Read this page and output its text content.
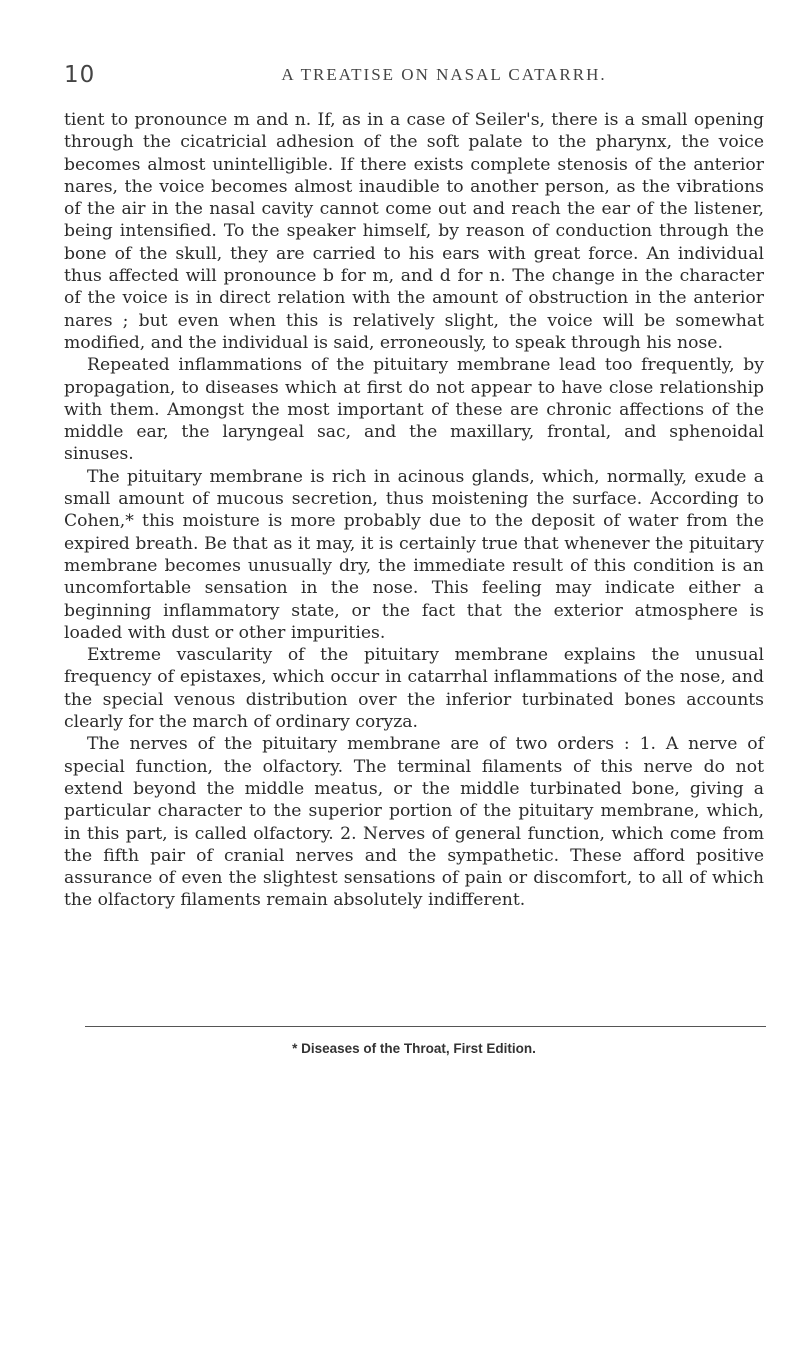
10	A TREATISE ON NASAL CATARRH.

tient to pronounce m and n. If, as in a case of Seiler's, there is a small opening through the cicatricial adhesion of the soft palate to the pharynx, the voice becomes almost unintelligible. If there exists complete stenosis of the anterior nares, the voice becomes almost inaudible to another person, as the vibrations of the air in the nasal cavity cannot come out and reach the ear of the listener, being intensified. To the speaker himself, by reason of conduction through the bone of the skull, they are carried to his ears with great force. An individual thus affected will pronounce b for m, and d for n. The change in the character of the voice is in direct relation with the amount of obstruction in the anterior nares ; but even when this is relatively slight, the voice will be somewhat modified, and the individual is said, erroneously, to speak through his nose.

Repeated inflammations of the pituitary membrane lead too frequently, by propagation, to diseases which at first do not appear to have close relationship with them. Amongst the most important of these are chronic affections of the middle ear, the laryngeal sac, and the maxillary, frontal, and sphenoidal sinuses.

The pituitary membrane is rich in acinous glands, which, normally, exude a small amount of mucous secretion, thus moistening the surface. According to Cohen,* this moisture is more probably due to the deposit of water from the expired breath. Be that as it may, it is certainly true that whenever the pituitary membrane becomes unusually dry, the immediate result of this condition is an uncomfortable sensation in the nose. This feeling may indicate either a beginning inflammatory state, or the fact that the exterior atmosphere is loaded with dust or other impurities.

Extreme vascularity of the pituitary membrane explains the unusual frequency of epistaxes, which occur in catarrhal inflammations of the nose, and the special venous distribution over the inferior turbinated bones accounts clearly for the march of ordinary coryza.

The nerves of the pituitary membrane are of two orders : 1. A nerve of special function, the olfactory. The terminal filaments of this nerve do not extend beyond the middle meatus, or the middle turbinated bone, giving a particular character to the superior portion of the pituitary membrane, which, in this part, is called olfactory. 2. Nerves of general function, which come from the fifth pair of cranial nerves and the sympathetic. These afford positive assurance of even the slightest sensations of pain or discomfort, to all of which the olfactory filaments remain absolutely indifferent.

* Diseases of the Throat, First Edition.
